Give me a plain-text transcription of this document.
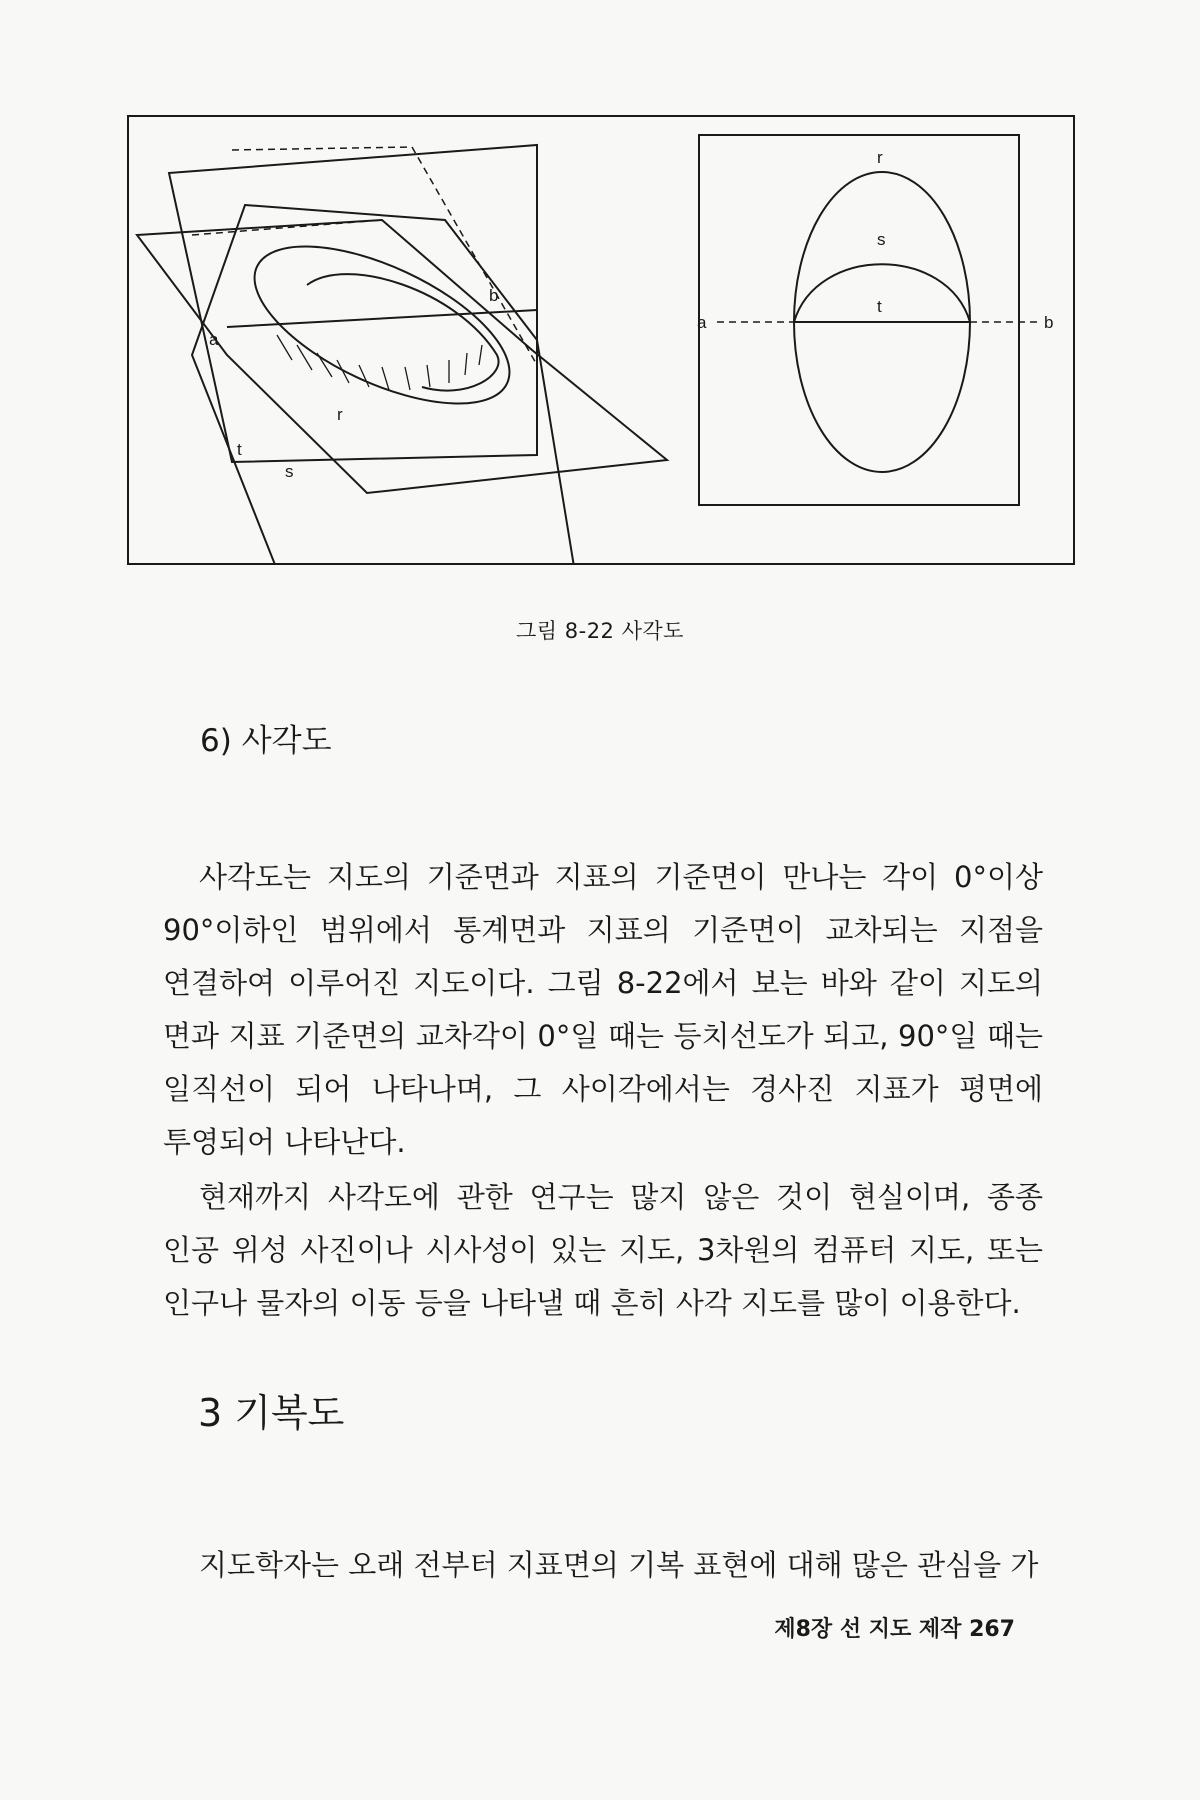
a
b
r
t
s
r
s
t
a	b
그림 8-22 사각도
6) 사각도

사각도는 지도의 기준면과 지표의 기준면이 만나는 각이 0°이상 90°이하인 범위에서 통계면과 지표의 기준면이 교차되는 지점을 연결하여 이루어진 지도이다. 그림 8-22에서 보는 바와 같이 지도의 면과 지표 기준면의 교차각이 0°일 때는 등치선도가 되고, 90°일 때는 일직선이 되어 나타나며, 그 사이각에서는 경사진 지표가 평면에 투영되어 나타난다.

현재까지 사각도에 관한 연구는 많지 않은 것이 현실이며, 종종 인공 위성 사진이나 시사성이 있는 지도, 3차원의 컴퓨터 지도, 또는 인구나 물자의 이동 등을 나타낼 때 흔히 사각 지도를 많이 이용한다.

3 기복도

지도학자는 오래 전부터 지표면의 기복 표현에 대해 많은 관심을 가

제8장 선 지도 제작 267
